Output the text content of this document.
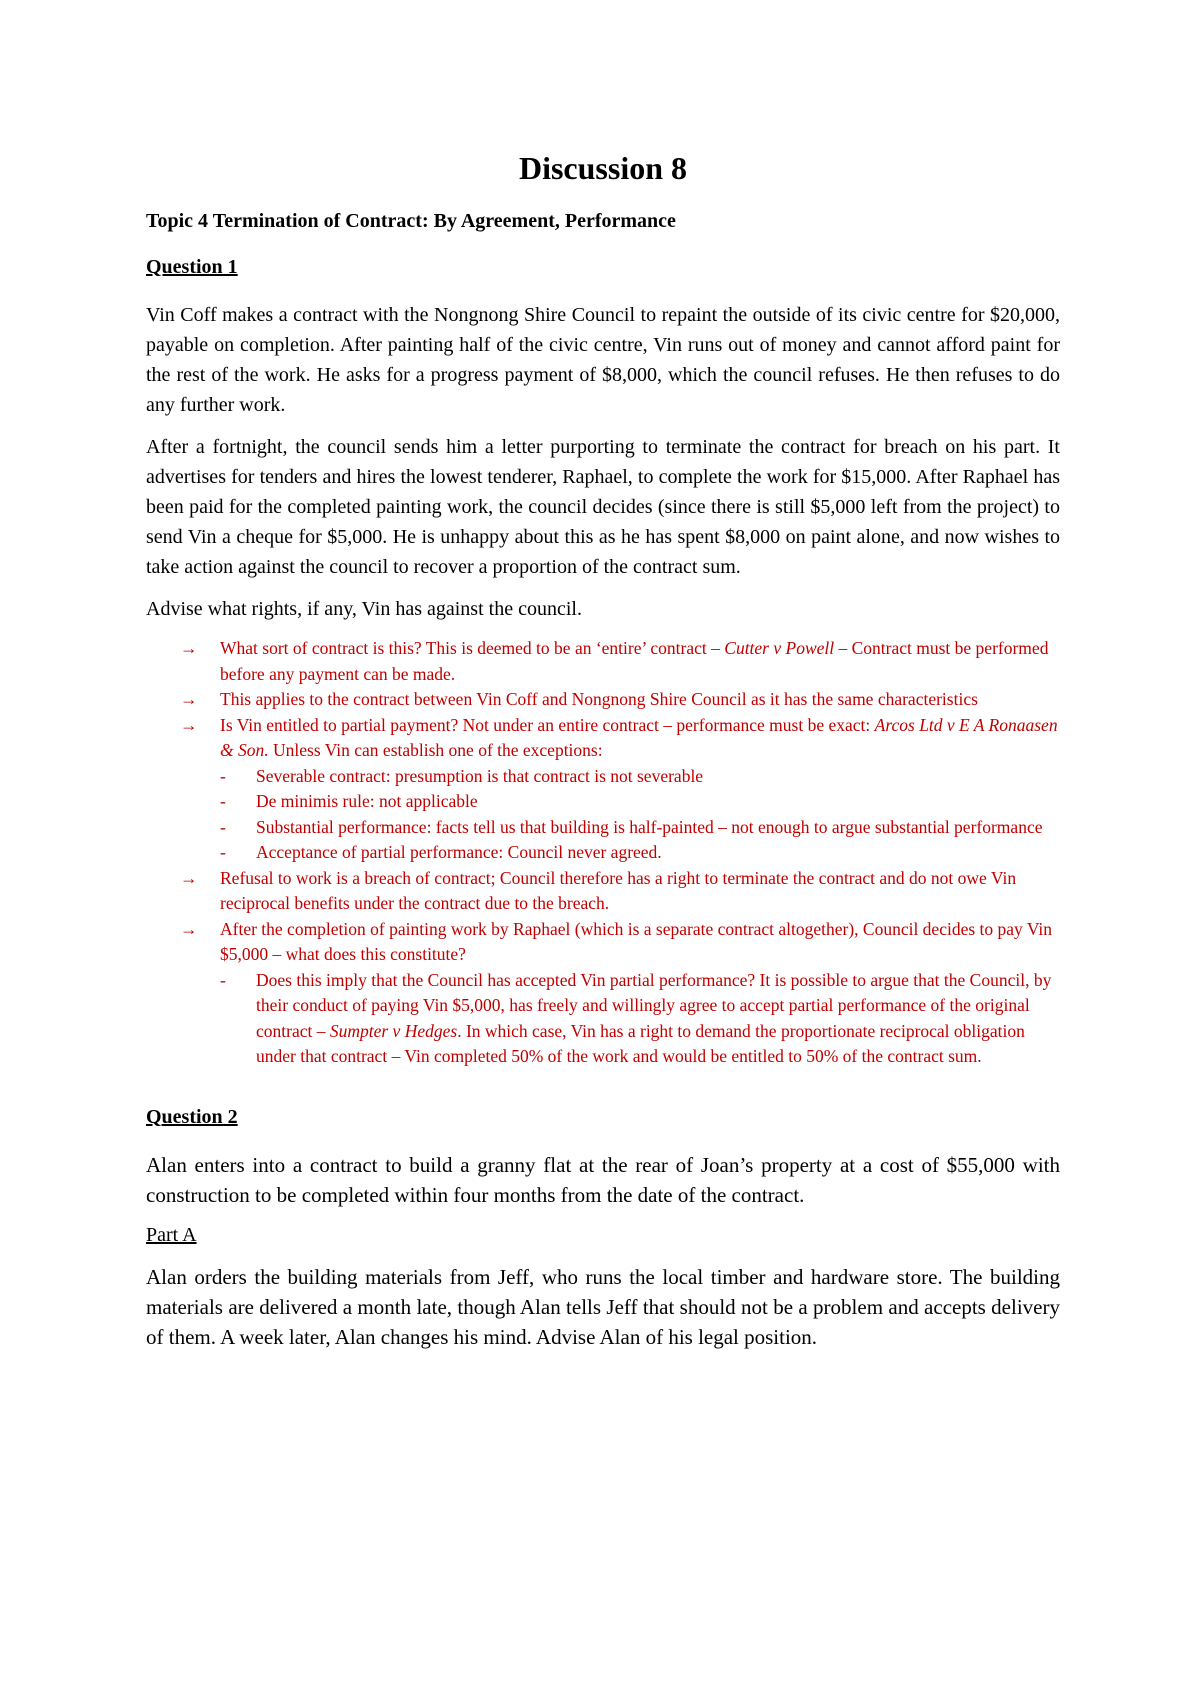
Discussion 8
Topic 4 Termination of Contract: By Agreement, Performance
Question 1

Vin Coff makes a contract with the Nongnong Shire Council to repaint the outside of its civic centre for $20,000, payable on completion. After painting half of the civic centre, Vin runs out of money and cannot afford paint for the rest of the work. He asks for a progress payment of $8,000, which the council refuses. He then refuses to do any further work.

After a fortnight, the council sends him a letter purporting to terminate the contract for breach on his part. It advertises for tenders and hires the lowest tenderer, Raphael, to complete the work for $15,000. After Raphael has been paid for the completed painting work, the council decides (since there is still $5,000 left from the project) to send Vin a cheque for $5,000. He is unhappy about this as he has spent $8,000 on paint alone, and now wishes to take action against the council to recover a proportion of the contract sum.

Advise what rights, if any, Vin has against the council.

→ What sort of contract is this? This is deemed to be an ‘entire’ contract – Cutter v Powell – Contract must be performed before any payment can be made.
→ This applies to the contract between Vin Coff and Nongnong Shire Council as it has the same characteristics
→ Is Vin entitled to partial payment? Not under an entire contract – performance must be exact: Arcos Ltd v E A Ronaasen & Son. Unless Vin can establish one of the exceptions:
- Severable contract: presumption is that contract is not severable
- De minimis rule: not applicable
- Substantial performance: facts tell us that building is half-painted – not enough to argue substantial performance
- Acceptance of partial performance: Council never agreed.
→ Refusal to work is a breach of contract; Council therefore has a right to terminate the contract and do not owe Vin reciprocal benefits under the contract due to the breach.
→ After the completion of painting work by Raphael (which is a separate contract altogether), Council decides to pay Vin $5,000 – what does this constitute?
- Does this imply that the Council has accepted Vin partial performance? It is possible to argue that the Council, by their conduct of paying Vin $5,000, has freely and willingly agree to accept partial performance of the original contract – Sumpter v Hedges. In which case, Vin has a right to demand the proportionate reciprocal obligation under that contract – Vin completed 50% of the work and would be entitled to 50% of the contract sum.
Question 2

Alan enters into a contract to build a granny flat at the rear of Joan’s property at a cost of $55,000 with construction to be completed within four months from the date of the contract.

Part A

Alan orders the building materials from Jeff, who runs the local timber and hardware store. The building materials are delivered a month late, though Alan tells Jeff that should not be a problem and accepts delivery of them. A week later, Alan changes his mind. Advise Alan of his legal position.
